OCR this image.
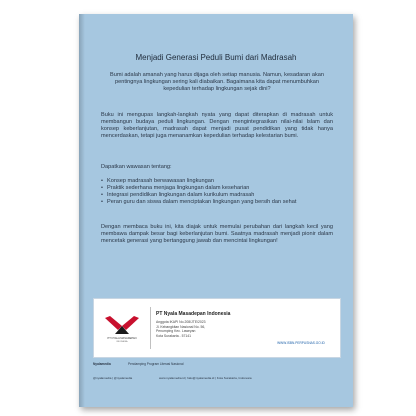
Menjadi Generasi Peduli Bumi dari Madrasah
Bumi adalah amanah yang harus dijaga oleh setiap manusia. Namun, kesadaran akan pentingnya lingkungan sering kali diabaikan. Bagaimana kita dapat menumbuhkan kepedulian terhadap lingkungan sejak dini?
Buku ini mengupas langkah-langkah nyata yang dapat diterapkan di madrasah untuk membangun budaya peduli lingkungan. Dengan mengintegrasikan nilai-nilai Islam dan konsep keberlanjutan, madrasah dapat menjadi pusat pendidikan yang tidak hanya mencerdaskan, tetapi juga menanamkan kepedulian terhadap kelestarian bumi.
Dapatkan wawasan tentang:
• Konsep madrasah berwawasan lingkungan
• Praktik sederhana menjaga lingkungan dalam keseharian
• Integrasi pendidikan lingkungan dalam kurikulum madrasah
• Peran guru dan siswa dalam menciptakan lingkungan yang bersih dan sehat
Dengan membaca buku ini, kita diajak untuk memulai perubahan dari langkah kecil yang membawa dampak besar bagi keberlanjutan bumi. Saatnya madrasah menjadi pionir dalam mencetak generasi yang bertanggung jawab dan mencintai lingkungan!
PT NYALA MASADEPAN
INDONESIA
PT Nyala Masadepan Indonesia
Anggota IKAPI No.208/JTE/2023
Jl. Kebangkitan Nasional No. 56,
Penumping Kec. Laweyan
Kota Surakarta - 57141
WWW.ISBN.PERPUSNAS.GO.ID
Nyalamedia	Pendamping Program Literasi Nasional
@nyalamedia | @nyalamedia	www.nyalamedia.id | halo@nyalamedia.id | Kota Surakarta, Indonesia
